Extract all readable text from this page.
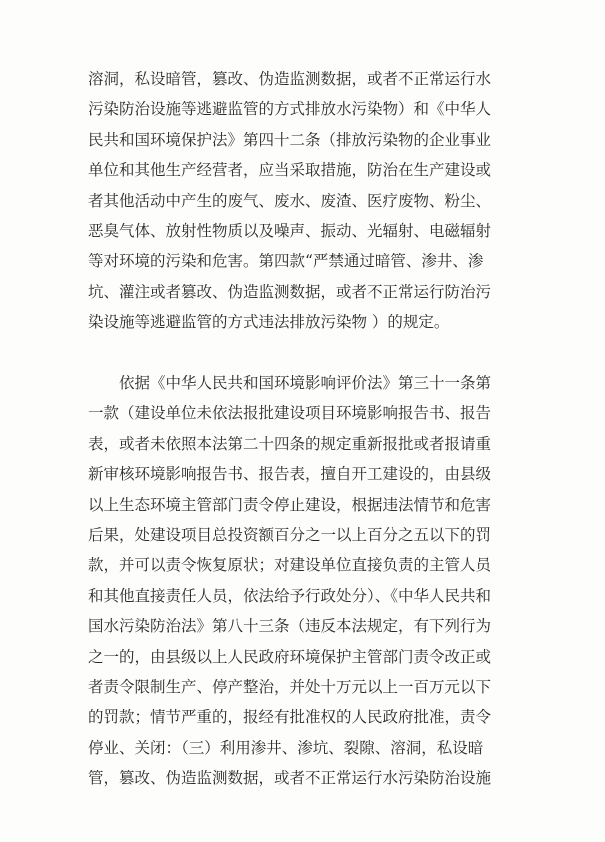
溶洞，私设暗管，篡改、伪造监测数据，或者不正常运行水
污染防治设施等逃避监管的方式排放水污染物）和《中华人
民共和国环境保护法》第四十二条（排放污染物的企业事业
单位和其他生产经营者，应当采取措施，防治在生产建设或
者其他活动中产生的废气、废水、废渣、医疗废物、粉尘、
恶臭气体、放射性物质以及噪声、振动、光辐射、电磁辐射
等对环境的污染和危害。第四款“严禁通过暗管、渗井、渗
坑、灌注或者篡改、伪造监测数据，或者不正常运行防治污
染设施等逃避监管的方式违法排放污染物 ）的规定。
　　依据《中华人民共和国环境影响评价法》第三十一条第
一款（建设单位未依法报批建设项目环境影响报告书、报告
表，或者未依照本法第二十四条的规定重新报批或者报请重
新审核环境影响报告书、报告表，擅自开工建设的，由县级
以上生态环境主管部门责令停止建设，根据违法情节和危害
后果，处建设项目总投资额百分之一以上百分之五以下的罚
款，并可以责令恢复原状；对建设单位直接负责的主管人员
和其他直接责任人员，依法给予行政处分）、《中华人民共和
国水污染防治法》第八十三条（违反本法规定，有下列行为
之一的，由县级以上人民政府环境保护主管部门责令改正或
者责令限制生产、停产整治，并处十万元以上一百万元以下
的罚款；情节严重的，报经有批准权的人民政府批准，责令
停业、关闭：（三）利用渗井、渗坑、裂隙、溶洞，私设暗
管，篡改、伪造监测数据，或者不正常运行水污染防治设施
